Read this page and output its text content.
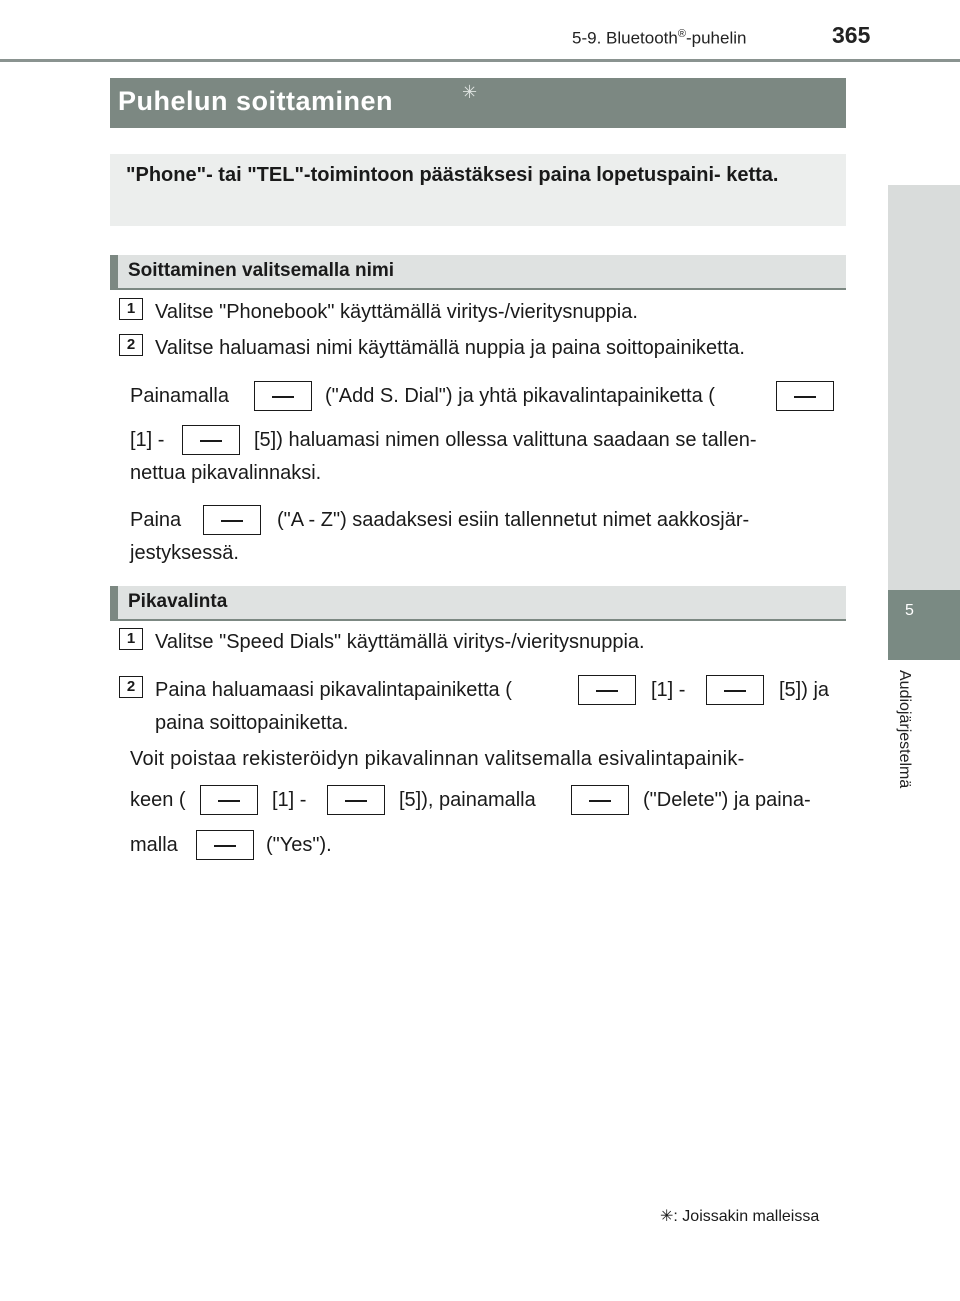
5-9. Bluetooth®-puhelin	365
5
Audiojärjestelmä
Puhelun soittaminen	✳
"Phone"- tai "TEL"-toimintoon päästäksesi paina lopetuspaini- ketta.
Soittaminen valitsemalla nimi
1 Valitse "Phonebook" käyttämällä viritys-/vieritysnuppia.
2 Valitse haluamasi nimi käyttämällä nuppia ja paina soittopainiketta.
Painamalla	("Add S. Dial") ja yhtä pikavalintapainiketta (
[1] -	[5]) haluamasi nimen ollessa valittuna saadaan se tallen-
nettua pikavalinnaksi.
Paina	("A - Z") saadaksesi esiin tallennetut nimet aakkosjär-
jestyksessä.
Pikavalinta
1 Valitse "Speed Dials" käyttämällä viritys-/vieritysnuppia.
2 Paina haluamaasi pikavalintapainiketta (	[1] -	[5]) ja
paina soittopainiketta.
Voit poistaa rekisteröidyn pikavalinnan valitsemalla esivalintapainik-
keen (	[1] -	[5]), painamalla	("Delete") ja paina-
malla	("Yes").
✳: Joissakin malleissa
